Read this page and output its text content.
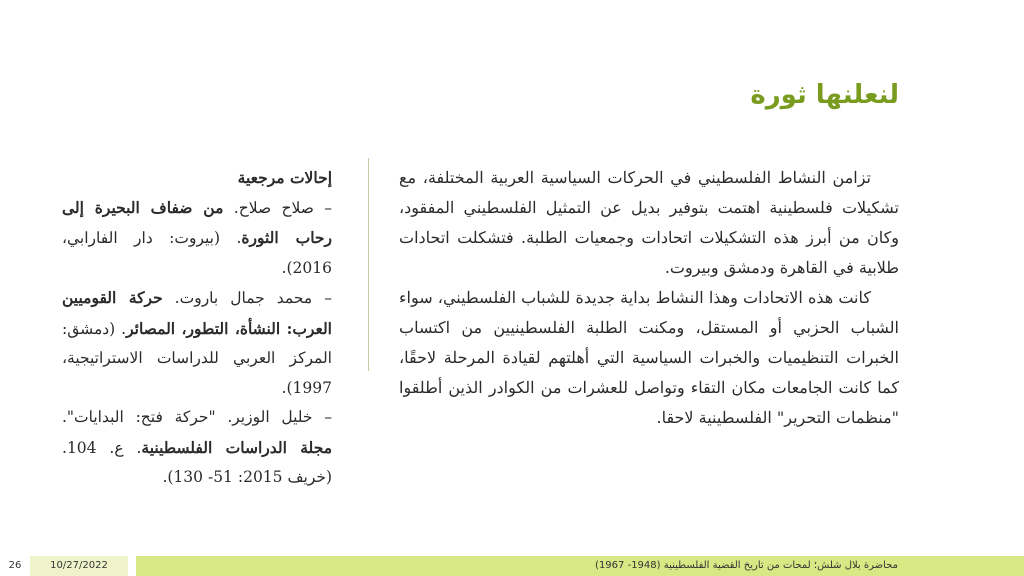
لنعلنها ثورة

تزامن النشاط الفلسطيني في الحركات السياسية العربية المختلفة، مع تشكيلات فلسطينية اهتمت بتوفير بديل عن التمثيل الفلسطيني المفقود، وكان من أبرز هذه التشكيلات اتحادات وجمعيات الطلبة. فتشكلت اتحادات طلابية في القاهرة ودمشق وبيروت.

كانت هذه الاتحادات وهذا النشاط بداية جديدة للشباب الفلسطيني، سواء الشباب الحزبي أو المستقل، ومكنت الطلبة الفلسطينيين من اكتساب الخبرات التنظيميات والخبرات السياسية التي أهلتهم لقيادة المرحلة لاحقًا، كما كانت الجامعات مكان التقاء وتواصل للعشرات من الكوادر الذين أطلقوا "منظمات التحرير" الفلسطينية لاحقا.

إحالات مرجعية

– صلاح صلاح. من ضفاف البحيرة إلى رحاب الثورة. (بيروت: دار الفارابي، 2016).

– محمد جمال باروت. حركة القوميين العرب: النشأة، التطور، المصائر. (دمشق: المركز العربي للدراسات الاستراتيجية، 1997).

– خليل الوزير. "حركة فتح: البدايات". مجلة الدراسات الفلسطينية. ع. 104. (خريف 2015: 51- 130).

26	10/27/2022	محاضرة بلال شلش؛ لمحات من تاريخ القضية الفلسطينية (1948- 1967)
